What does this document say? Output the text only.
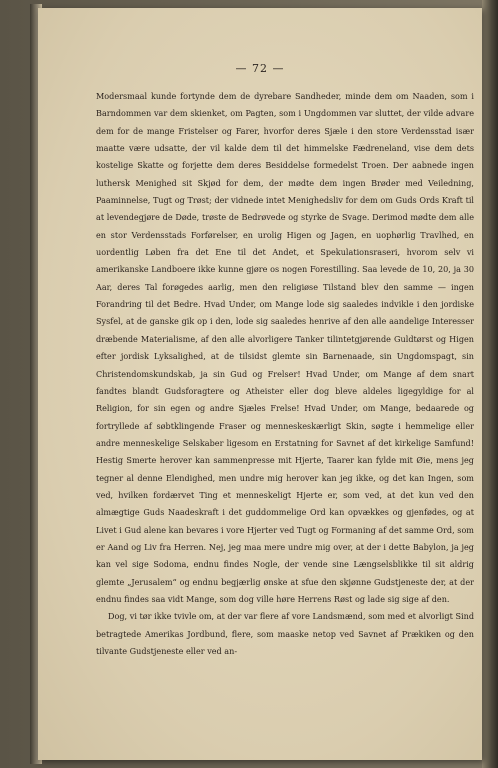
— 72 —

Modersmaal kunde fortynde dem de dyrebare Sandheder, minde dem om Naaden, som i Barndommen var dem skienket, om Pagten, som i Ungdommen var sluttet, der vilde advare dem for de mange Fristelser og Farer, hvorfor deres Sjæle i den store Verdensstad især maatte være udsatte, der vil kalde dem til det himmelske Fædreneland, vise dem dets kostelige Skatte og forjette dem deres Besiddelse formedelst Troen. Der aabnede ingen luthersk Menighed sit Skjød for dem, der mødte dem ingen Brøder med Veiledning, Paaminnelse, Tugt og Trøst; der vidnede intet Menighedsliv for dem om Guds Ords Kraft til at levendegjøre de Døde, trøste de Bedrøvede og styrke de Svage. Derimod mødte dem alle en stor Verdensstads Forførelser, en urolig Higen og Jagen, en uophørlig Travlhed, en uordentlig Løben fra det Ene til det Andet, et Spekulationsraseri, hvorom selv vi amerikanske Landboere ikke kunne gjøre os nogen Forestilling. Saa levede de 10, 20, ja 30 Aar, deres Tal forøgedes aarlig, men den religiøse Tilstand blev den samme — ingen Forandring til det Bedre. Hvad Under, om Mange lode sig saaledes indvikle i den jordiske Sysfel, at de ganske gik op i den, lode sig saaledes henrive af den alle aandelige Interesser dræbende Materialisme, af den alle alvorligere Tanker tilintetgjørende Guldtørst og Higen efter jordisk Lyksalighed, at de tilsidst glemte sin Barnenaade, sin Ungdomspagt, sin Christendomskundskab, ja sin Gud og Frelser! Hvad Under, om Mange af dem snart fandtes blandt Gudsforagtere og Atheister eller dog bleve aldeles ligegyldige for al Religion, for sin egen og andre Sjæles Frelse! Hvad Under, om Mange, bedaarede og fortryllede af søbtklingende Fraser og menneskeskærligt Skin, søgte i hemmelige eller andre menneskelige Selskaber ligesom en Erstatning for Savnet af det kirkelige Samfund! Hestig Smerte herover kan sammenpresse mit Hjerte, Taarer kan fylde mit Øie, mens jeg tegner al denne Elendighed, men undre mig herover kan jeg ikke, og det kan Ingen, som ved, hvilken fordærvet Ting et menneskeligt Hjerte er, som ved, at det kun ved den almægtige Guds Naadeskraft i det guddommelige Ord kan opvækkes og gjenfødes, og at Livet i Gud alene kan bevares i vore Hjerter ved Tugt og Formaning af det samme Ord, som er Aand og Liv fra Herren. Nej, jeg maa mere undre mig over, at der i dette Babylon, ja jeg kan vel sige Sodoma, endnu findes Nogle, der vende sine Længselsblikke til sit aldrig glemte „Jerusalem“ og endnu begjærlig ønske at sfue den skjønne Gudstjeneste der, at der endnu findes saa vidt Mange, som dog ville høre Herrens Røst og lade sig sige af den.

Dog, vi tør ikke tvivle om, at der var flere af vore Landsmænd, som med et alvorligt Sind betragtede Amerikas Jordbund, flere, som maaske netop ved Savnet af Prækiken og den tilvante Gudstjeneste eller ved an-
